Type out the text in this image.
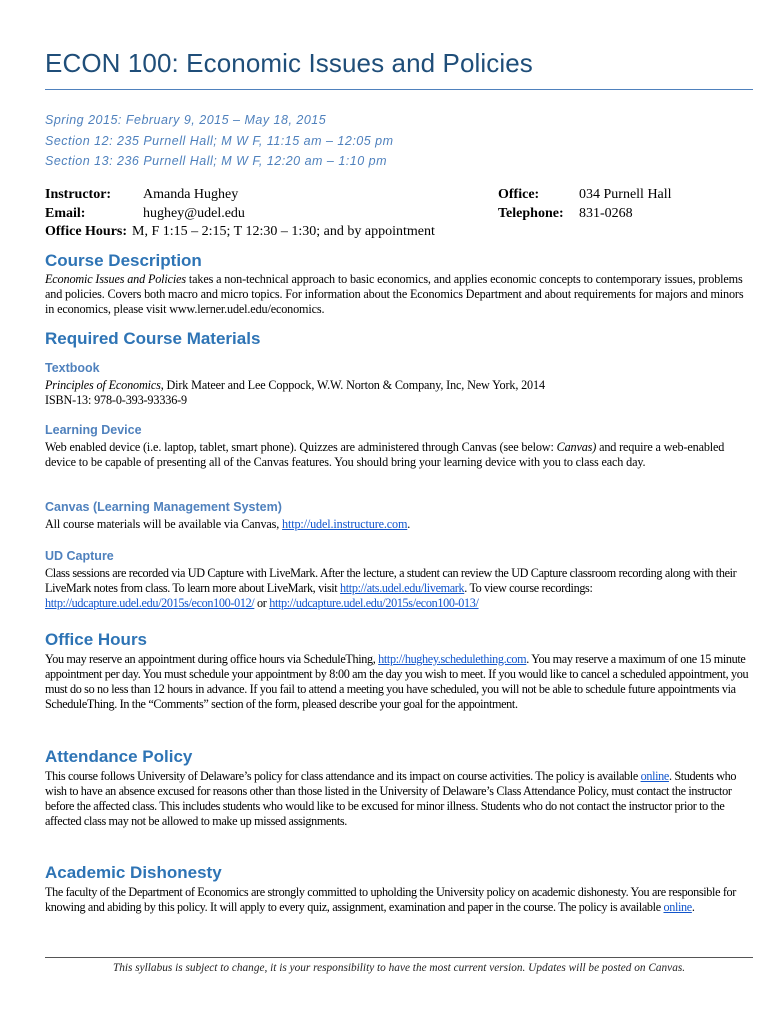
ECON 100: Economic Issues and Policies
Spring 2015: February 9, 2015 – May 18, 2015
Section 12: 235 Purnell Hall; M W F, 11:15 am – 12:05 pm
Section 13: 236 Purnell Hall; M W F, 12:20 am – 1:10 pm
Instructor: Amanda Hughey
Email:	hughey@udel.edu
Office Hours: M, F 1:15 – 2:15; T 12:30 – 1:30; and by appointment
Office:	034 Purnell Hall
Telephone: 831-0268
Course Description

Economic Issues and Policies takes a non-technical approach to basic economics, and applies economic concepts to contemporary issues, problems and policies. Covers both macro and micro topics. For information about the Economics Department and about requirements for majors and minors in economics, please visit www.lerner.udel.edu/economics.

Required Course Materials
Textbook

Principles of Economics, Dirk Mateer and Lee Coppock, W.W. Norton & Company, Inc, New York, 2014

ISBN-13: 978-0-393-93336-9

Learning Device

Web enabled device (i.e. laptop, tablet, smart phone). Quizzes are administered through Canvas (see below: Canvas) and require a web-enabled device to be capable of presenting all of the Canvas features. You should bring your learning device with you to class each day.

Canvas (Learning Management System)

All course materials will be available via Canvas, http://udel.instructure.com.

UD Capture

Class sessions are recorded via UD Capture with LiveMark. After the lecture, a student can review the UD Capture classroom recording along with their LiveMark notes from class. To learn more about LiveMark, visit http://ats.udel.edu/livemark. To view course recordings: http://udcapture.udel.edu/2015s/econ100-012/ or http://udcapture.udel.edu/2015s/econ100-013/

Office Hours

You may reserve an appointment during office hours via ScheduleThing, http://hughey.schedulething.com. You may reserve a maximum of one 15 minute appointment per day. You must schedule your appointment by 8:00 am the day you wish to meet. If you would like to cancel a scheduled appointment, you must do so no less than 12 hours in advance. If you fail to attend a meeting you have scheduled, you will not be able to schedule future appointments via ScheduleThing. In the “Comments” section of the form, pleased describe your goal for the appointment.

Attendance Policy

This course follows University of Delaware’s policy for class attendance and its impact on course activities. The policy is available online. Students who wish to have an absence excused for reasons other than those listed in the University of Delaware’s Class Attendance Policy, must contact the instructor before the affected class. This includes students who would like to be excused for minor illness. Students who do not contact the instructor prior to the affected class may not be allowed to make up missed assignments.

Academic Dishonesty

The faculty of the Department of Economics are strongly committed to upholding the University policy on academic dishonesty. You are responsible for knowing and abiding by this policy. It will apply to every quiz, assignment, examination and paper in the course. The policy is available online.

This syllabus is subject to change, it is your responsibility to have the most current version. Updates will be posted on Canvas.
